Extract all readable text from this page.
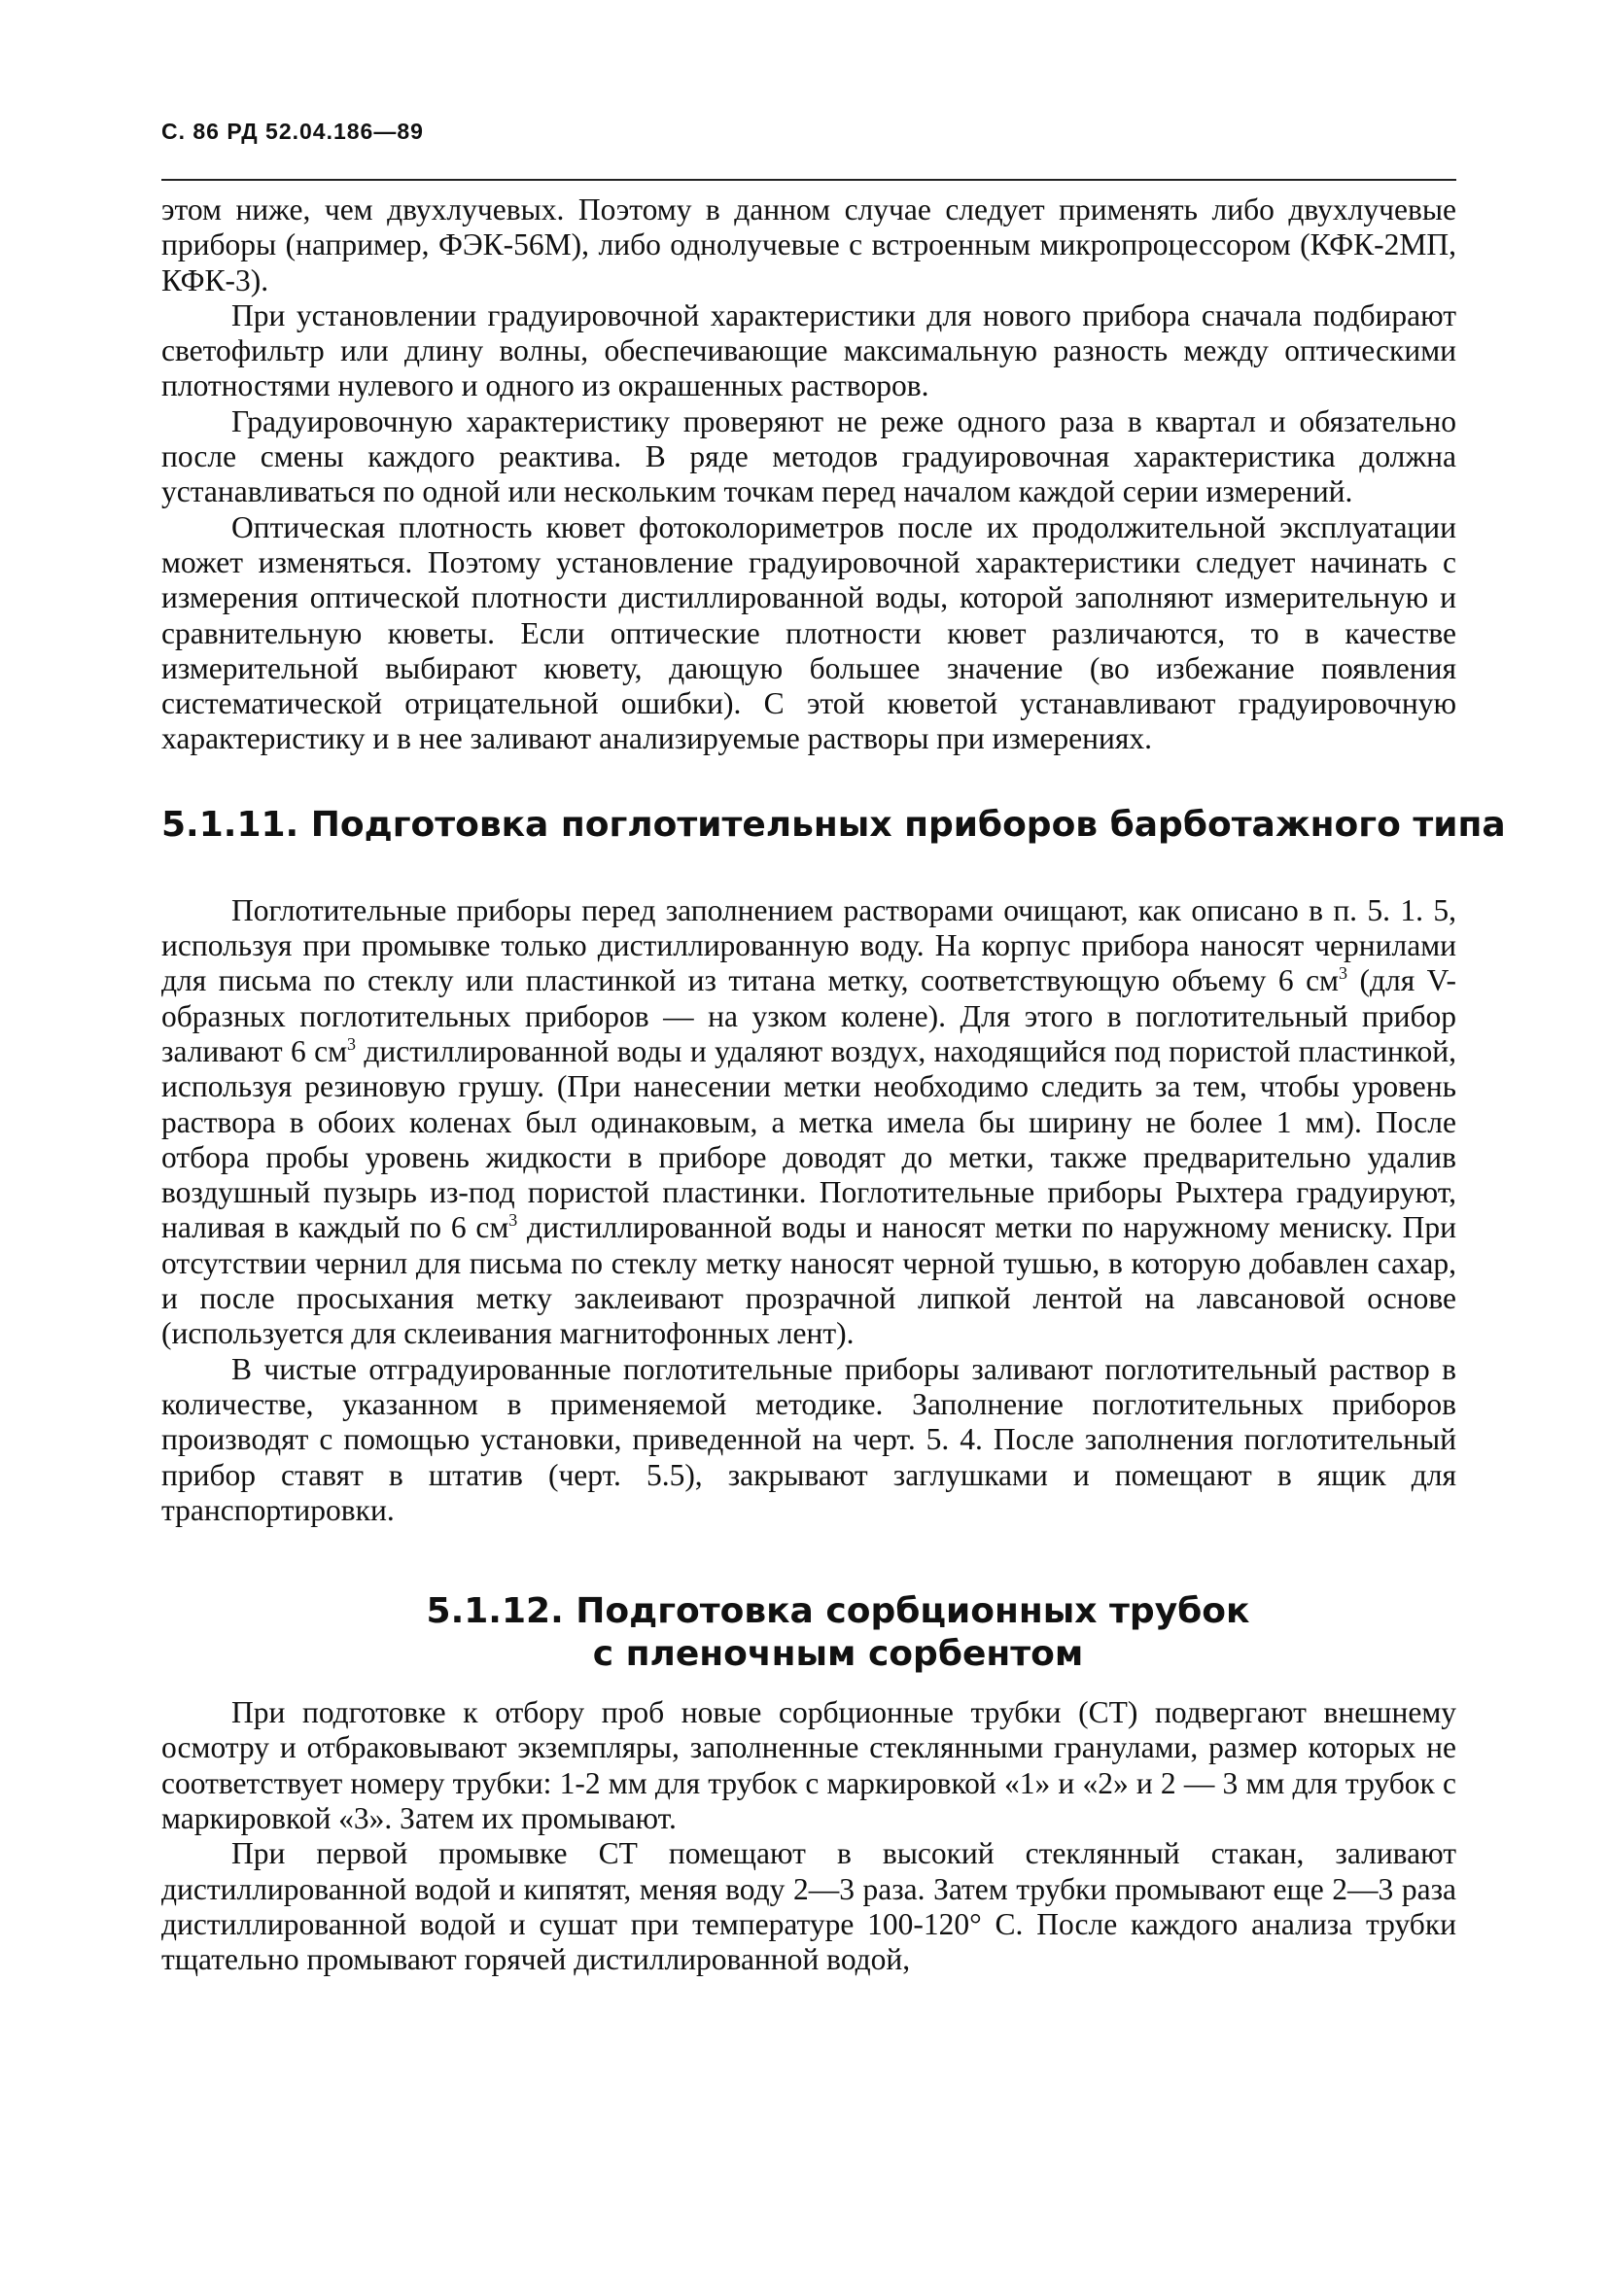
С. 86 РД 52.04.186—89

этом ниже, чем двухлучевых. Поэтому в данном случае следует применять либо двухлучевые приборы (например, ФЭК-56М), либо однолучевые с встроенным микропроцессором (КФК-2МП, КФК-3).

При установлении градуировочной характеристики для нового прибора сначала подбирают светофильтр или длину волны, обеспечивающие максимальную разность между оптическими плотностями нулевого и одного из окрашенных растворов.

Градуировочную характеристику проверяют не реже одного раза в квартал и обязательно после смены каждого реактива. В ряде методов градуировочная характеристика должна устанавливаться по одной или нескольким точкам перед началом каждой серии измерений.

Оптическая плотность кювет фотоколориметров после их продолжительной эксплуатации может изменяться. Поэтому установление градуировочной характеристики следует начинать с измерения оптической плотности дистиллированной воды, которой заполняют измерительную и сравнительную кюветы. Если оптические плотности кювет различаются, то в качестве измерительной выбирают кювету, дающую большее значение (во избежание появления систематической отрицательной ошибки). С этой кюветой устанавливают градуировочную характеристику и в нее заливают анализируемые растворы при измерениях.

5.1.11. Подготовка поглотительных приборов барботажного типа

Поглотительные приборы перед заполнением растворами очищают, как описано в п. 5. 1. 5, используя при промывке только дистиллированную воду. На корпус прибора наносят чернилами для письма по стеклу или пластинкой из титана метку, соответствующую объему 6 $см^3$ (для V-образных поглотительных приборов — на узком колене). Для этого в поглотительный прибор заливают 6 $см^3$ дистиллированной воды и удаляют воздух, находящийся под пористой пластинкой, используя резиновую грушу. (При нанесении метки необходимо следить за тем, чтобы уровень раствора в обоих коленах был одинаковым, а метка имела бы ширину не более 1 мм). После отбора пробы уровень жидкости в приборе доводят до метки, также предварительно удалив воздушный пузырь из-под пористой пластинки. Поглотительные приборы Рыхтера градуируют, наливая в каждый по 6 $см^3$ дистиллированной воды и наносят метки по наружному мениску. При отсутствии чернил для письма по стеклу метку наносят черной тушью, в которую добавлен сахар, и после просыхания метку заклеивают прозрачной липкой лентой на лавсановой основе (используется для склеивания магнитофонных лент).

В чистые отградуированные поглотительные приборы заливают поглотительный раствор в количестве, указанном в применяемой методике. Заполнение поглотительных приборов производят с помощью установки, приведенной на черт. 5. 4. После заполнения поглотительный прибор ставят в штатив (черт. 5.5), закрывают заглушками и помещают в ящик для транспортировки.

5.1.12. Подготовка сорбционных трубок
с пленочным сорбентом

При подготовке к отбору проб новые сорбционные трубки (СТ) подвергают внешнему осмотру и отбраковывают экземпляры, заполненные стеклянными гранулами, размер которых не соответствует номеру трубки: 1-2 мм для трубок с маркировкой «1» и «2» и 2 — 3 мм для трубок с маркировкой «3». Затем их промывают.

При первой промывке СТ помещают в высокий стеклянный стакан, заливают дистиллированной водой и кипятят, меняя воду 2—3 раза. Затем трубки промывают еще 2—3 раза дистиллированной водой и сушат при температуре 100-120° С. После каждого анализа трубки тщательно промывают горячей дистиллированной водой,
